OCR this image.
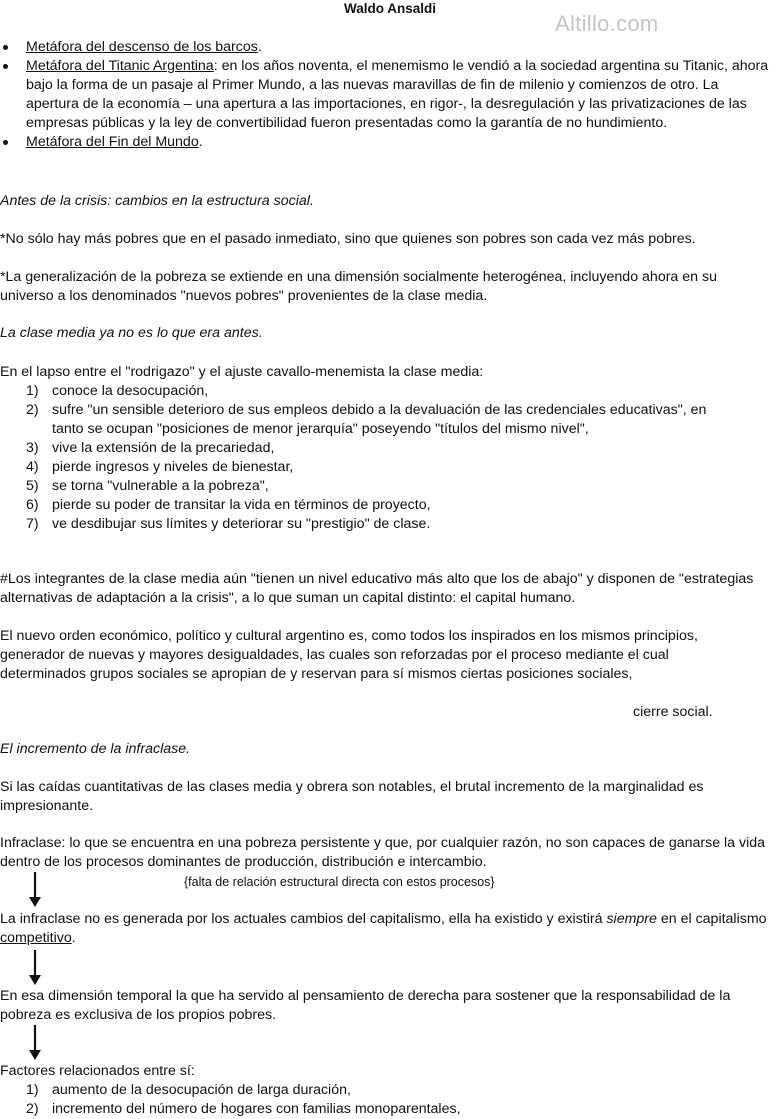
Waldo Ansaldi
Altillo.com
Metáfora del descenso de los barcos.
Metáfora del Titanic Argentina: en los años noventa, el menemismo le vendió a la sociedad argentina su Titanic, ahora bajo la forma de un pasaje al Primer Mundo, a las nuevas maravillas de fin de milenio y comienzos de otro. La apertura de la economía – una apertura a las importaciones, en rigor-, la desregulación y las privatizaciones de las empresas públicas y la ley de convertibilidad fueron presentadas como la garantía de no hundimiento.
Metáfora del Fin del Mundo.

Antes de la crisis: cambios en la estructura social.

*No sólo hay más pobres que en el pasado inmediato, sino que quienes son pobres son cada vez más pobres.

*La generalización de la pobreza se extiende en una dimensión socialmente heterogénea, incluyendo ahora en su universo a los denominados "nuevos pobres" provenientes de la clase media.

La clase media ya no es lo que era antes.

En el lapso entre el "rodrigazo" y el ajuste cavallo-menemista la clase media:

1) conoce la desocupación,
2) sufre "un sensible deterioro de sus empleos debido a la devaluación de las credenciales educativas", en tanto se ocupan "posiciones de menor jerarquía" poseyendo "títulos del mismo nivel",
3) vive la extensión de la precariedad,
4) pierde ingresos y niveles de bienestar,
5) se torna "vulnerable a la pobreza",
6) pierde su poder de transitar la vida en términos de proyecto,
7) ve desdibujar sus límites y deteriorar su "prestigio" de clase.

#Los integrantes de la clase media aún "tienen un nivel educativo más alto que los de abajo" y disponen de "estrategias alternativas de adaptación a la crisis", a lo que suman un capital distinto: el capital humano.

El nuevo orden económico, político y cultural argentino es, como todos los inspirados en los mismos principios, generador de nuevas y mayores desigualdades, las cuales son reforzadas por el proceso mediante el cual determinados grupos sociales se apropian de y reservan para sí mismos ciertas posiciones sociales,

cierre social.

El incremento de la infraclase.

Si las caídas cuantitativas de las clases media y obrera son notables, el brutal incremento de la marginalidad es impresionante.

Infraclase: lo que se encuentra en una pobreza persistente y que, por cualquier razón, no son capaces de ganarse la vida dentro de los procesos dominantes de producción, distribución e intercambio.

{falta de relación estructural directa con estos procesos}

La infraclase no es generada por los actuales cambios del capitalismo, ella ha existido y existirá siempre en el capitalismo competitivo.

En esa dimensión temporal la que ha servido al pensamiento de derecha para sostener que la responsabilidad de la pobreza es exclusiva de los propios pobres.

Factores relacionados entre sí:

1) aumento de la desocupación de larga duración,
2) incremento del número de hogares con familias monoparentales,
